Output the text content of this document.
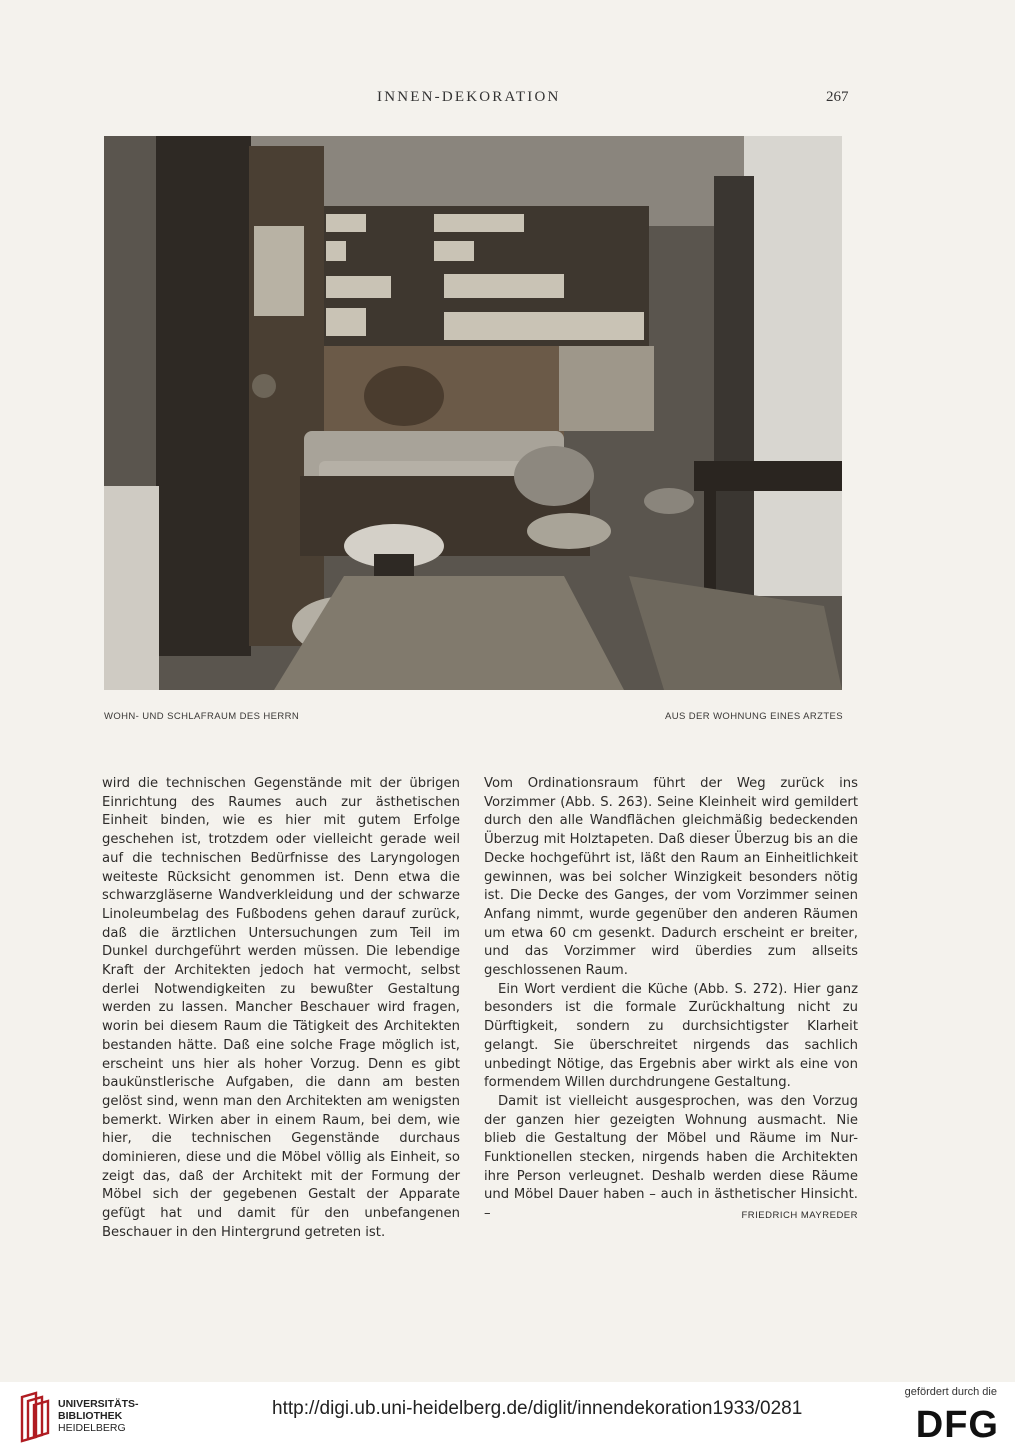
INNEN-DEKORATION	267
WOHN- UND SCHLAFRAUM DES HERRN	AUS DER WOHNUNG EINES ARZTES

wird die technischen Gegenstände mit der übrigen Einrichtung des Raumes auch zur ästhetischen Einheit binden, wie es hier mit gutem Erfolge geschehen ist, trotzdem oder vielleicht gerade weil auf die technischen Bedürfnisse des Laryngologen weiteste Rücksicht genommen ist. Denn etwa die schwarzgläserne Wandverkleidung und der schwarze Linoleumbelag des Fußbodens gehen darauf zurück, daß die ärztlichen Untersuchungen zum Teil im Dunkel durchgeführt werden müssen. Die lebendige Kraft der Architekten jedoch hat vermocht, selbst derlei Notwendigkeiten zu bewußter Gestaltung werden zu lassen. Mancher Beschauer wird fragen, worin bei diesem Raum die Tätigkeit des Architekten bestanden hätte. Daß eine solche Frage möglich ist, erscheint uns hier als hoher Vorzug. Denn es gibt baukünstlerische Aufgaben, die dann am besten gelöst sind, wenn man den Architekten am wenigsten bemerkt. Wirken aber in einem Raum, bei dem, wie hier, die technischen Gegenstände durchaus dominieren, diese und die Möbel völlig als Einheit, so zeigt das, daß der Architekt mit der Formung der Möbel sich der gegebenen Gestalt der Apparate gefügt hat und damit für den unbefangenen Beschauer in den Hintergrund getreten ist.

Vom Ordinationsraum führt der Weg zurück ins Vorzimmer (Abb. S. 263). Seine Kleinheit wird gemildert durch den alle Wandflächen gleichmäßig bedeckenden Überzug mit Holztapeten. Daß dieser Überzug bis an die Decke hochgeführt ist, läßt den Raum an Einheitlichkeit gewinnen, was bei solcher Winzigkeit besonders nötig ist. Die Decke des Ganges, der vom Vorzimmer seinen Anfang nimmt, wurde gegenüber den anderen Räumen um etwa 60 cm gesenkt. Dadurch erscheint er breiter, und das Vorzimmer wird überdies zum allseits geschlossenen Raum.

Ein Wort verdient die Küche (Abb. S. 272). Hier ganz besonders ist die formale Zurückhaltung nicht zu Dürftigkeit, sondern zu durchsichtigster Klarheit gelangt. Sie überschreitet nirgends das sachlich unbedingt Nötige, das Ergebnis aber wirkt als eine von formendem Willen durchdrungene Gestaltung.

Damit ist vielleicht ausgesprochen, was den Vorzug der ganzen hier gezeigten Wohnung ausmacht. Nie blieb die Gestaltung der Möbel und Räume im Nur-Funktionellen stecken, nirgends haben die Architekten ihre Person verleugnet. Deshalb werden diese Räume und Möbel Dauer haben – auch in ästhetischer Hinsicht. –	FRIEDRICH MAYREDER

UNIVERSITÄTS-
BIBLIOTHEK
HEIDELBERG
http://digi.ub.uni-heidelberg.de/diglit/innendekoration1933/0281
gefördert durch die
DFG
